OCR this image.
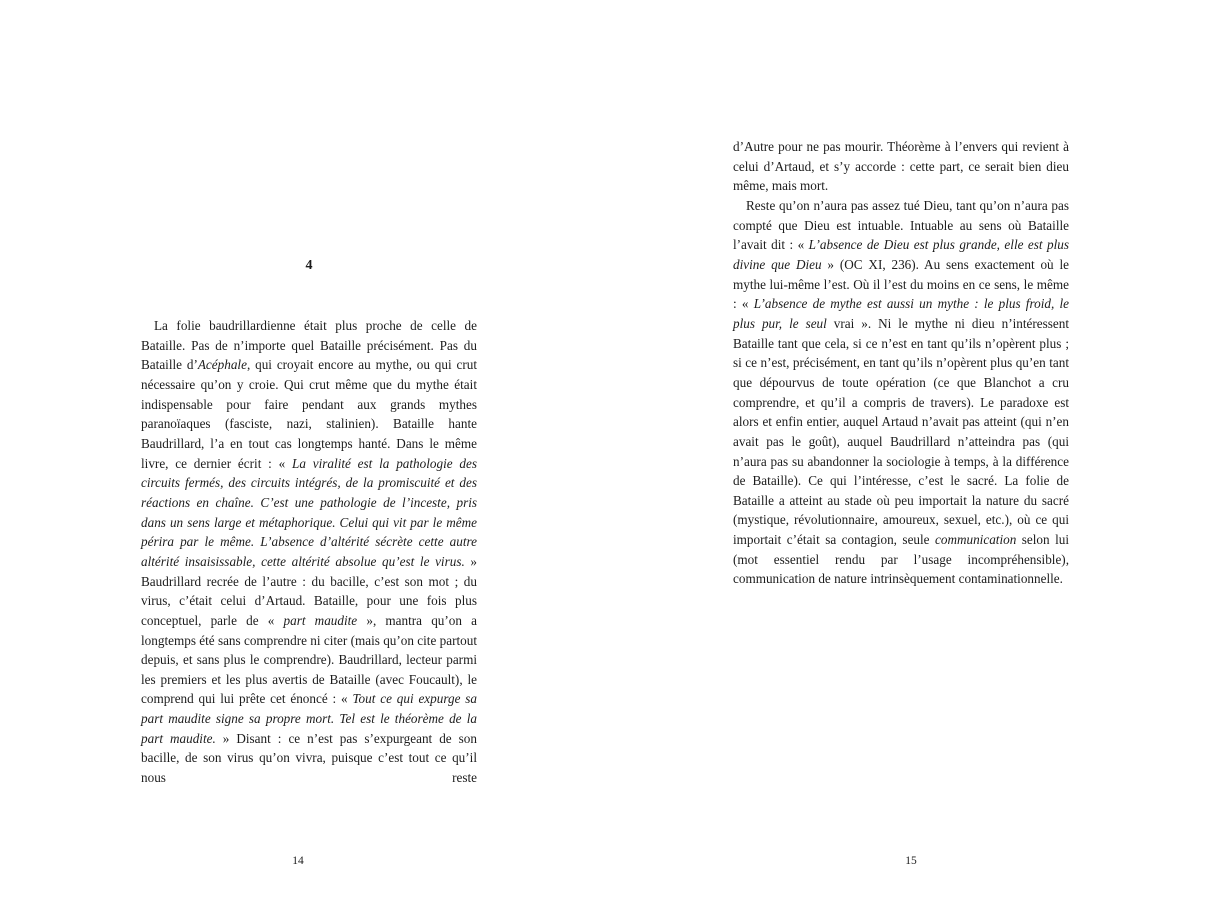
4

La folie baudrillardienne était plus proche de celle de Bataille. Pas de n’importe quel Bataille précisément. Pas du Bataille d’Acéphale, qui croyait encore au mythe, ou qui crut nécessaire qu’on y croie. Qui crut même que du mythe était indispensable pour faire pendant aux grands mythes paranoïaques (fasciste, nazi, stalinien). Bataille hante Baudrillard, l’a en tout cas longtemps hanté. Dans le même livre, ce dernier écrit : « La viralité est la pathologie des circuits fermés, des circuits intégrés, de la promiscuité et des réactions en chaîne. C’est une pathologie de l’inceste, pris dans un sens large et métaphorique. Celui qui vit par le même périra par le même. L’absence d’altérité sécrète cette autre altérité insaisissable, cette altérité absolue qu’est le virus. » Baudrillard recrée de l’autre : du bacille, c’est son mot ; du virus, c’était celui d’Artaud. Bataille, pour une fois plus conceptuel, parle de « part maudite », mantra qu’on a longtemps été sans comprendre ni citer (mais qu’on cite partout depuis, et sans plus le comprendre). Baudrillard, lecteur parmi les premiers et les plus avertis de Bataille (avec Foucault), le comprend qui lui prête cet énoncé : « Tout ce qui expurge sa part maudite signe sa propre mort. Tel est le théorème de la part maudite. » Disant : ce n’est pas s’expurgeant de son bacille, de son virus qu’on vivra, puisque c’est tout ce qu’il nous reste

14

d’Autre pour ne pas mourir. Théorème à l’envers qui revient à celui d’Artaud, et s’y accorde : cette part, ce serait bien dieu même, mais mort.

Reste qu’on n’aura pas assez tué Dieu, tant qu’on n’aura pas compté que Dieu est intuable. Intuable au sens où Bataille l’avait dit : « L’absence de Dieu est plus grande, elle est plus divine que Dieu » (OC XI, 236). Au sens exactement où le mythe lui-même l’est. Où il l’est du moins en ce sens, le même : « L’absence de mythe est aussi un mythe : le plus froid, le plus pur, le seul vrai ». Ni le mythe ni dieu n’intéressent Bataille tant que cela, si ce n’est en tant qu’ils n’opèrent plus ; si ce n’est, précisément, en tant qu’ils n’opèrent plus qu’en tant que dépourvus de toute opération (ce que Blanchot a cru comprendre, et qu’il a compris de travers). Le paradoxe est alors et enfin entier, auquel Artaud n’avait pas atteint (qui n’en avait pas le goût), auquel Baudrillard n’atteindra pas (qui n’aura pas su abandonner la sociologie à temps, à la différence de Bataille). Ce qui l’intéresse, c’est le sacré. La folie de Bataille a atteint au stade où peu importait la nature du sacré (mystique, révolutionnaire, amoureux, sexuel, etc.), où ce qui importait c’était sa contagion, seule communication selon lui (mot essentiel rendu par l’usage incompréhensible), communication de nature intrinsèquement contaminationnelle.

15
